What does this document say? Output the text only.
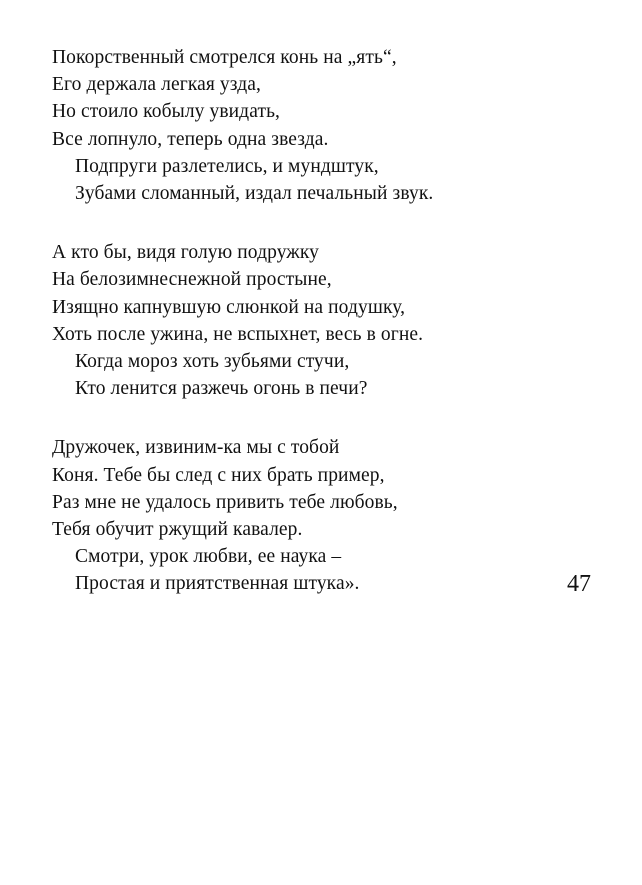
Покорственный смотрелся конь на „ять“,
Его держала легкая узда,
Но стоило кобылу увидать,
Все лопнуло, теперь одна звезда.
Подпруги разлетелись, и мундштук,
Зубами сломанный, издал печальный звук.
А кто бы, видя голую подружку
На белозимнеснежной простыне,
Изящно капнувшую слюнкой на подушку,
Хоть после ужина, не вспыхнет, весь в огне.
Когда мороз хоть зубьями стучи,
Кто ленится разжечь огонь в печи?
Дружочек, извиним-ка мы с тобой
Коня. Тебе бы след с них брать пример,
Раз мне не удалось привить тебе любовь,
Тебя обучит ржущий кавалер.
Смотри, урок любви, ее наука –
Простая и приятственная штука».	47
